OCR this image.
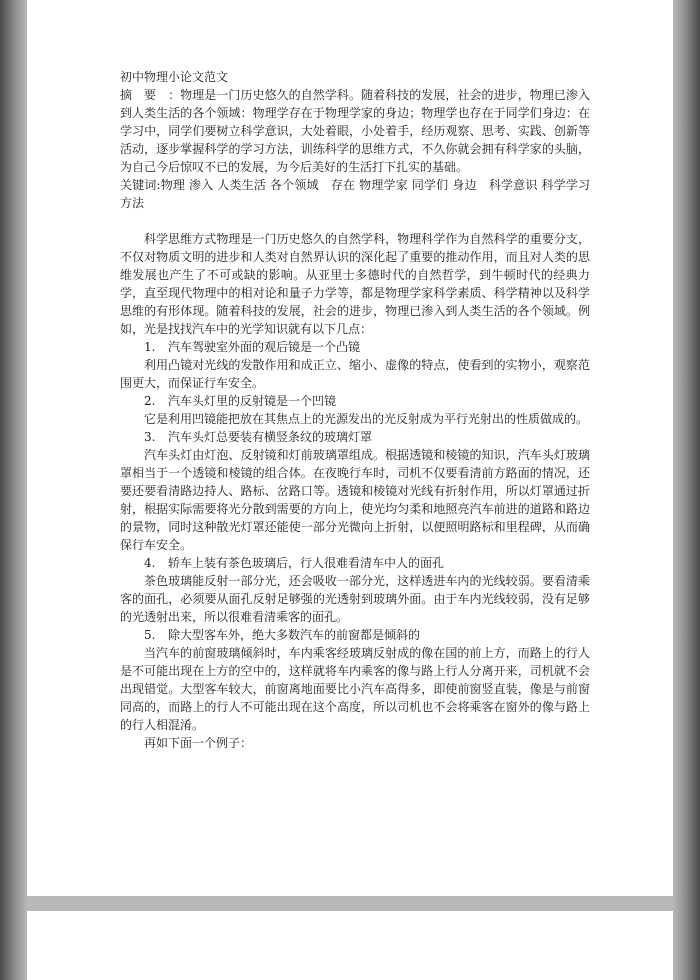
初中物理小论文范文

摘要：物理是一门历史悠久的自然学科。随着科技的发展，社会的进步，物理已渗入到人类生活的各个领域：物理学存在于物理学家的身边；物理学也存在于同学们身边：在学习中，同学们要树立科学意识，大处着眼，小处着手，经历观察、思考、实践、创新等活动，逐步掌握科学的学习方法，训练科学的思维方式，不久你就会拥有科学家的头脑，为自己今后惊叹不已的发展，为今后美好的生活打下扎实的基础。

关键词:物理 渗入 人类生活 各个领域　存在 物理学家 同学们 身边　科学意识 科学学习方法

科学思维方式物理是一门历史悠久的自然学科，物理科学作为自然科学的重要分支，不仅对物质文明的进步和人类对自然界认识的深化起了重要的推动作用，而且对人类的思维发展也产生了不可或缺的影响。从亚里士多德时代的自然哲学，到牛顿时代的经典力学，直至现代物理中的相对论和量子力学等，都是物理学家科学素质、科学精神以及科学思维的有形体现。随着科技的发展，社会的进步，物理已渗入到人类生活的各个领域。例如，光是找找汽车中的光学知识就有以下几点：

1. 汽车驾驶室外面的观后镜是一个凸镜

利用凸镜对光线的发散作用和成正立、缩小、虚像的特点，使看到的实物小，观察范围更大，而保证行车安全。

2. 汽车头灯里的反射镜是一个凹镜

它是利用凹镜能把放在其焦点上的光源发出的光反射成为平行光射出的性质做成的。

3. 汽车头灯总要装有横竖条纹的玻璃灯罩

汽车头灯由灯泡、反射镜和灯前玻璃罩组成。根据透镜和棱镜的知识，汽车头灯玻璃罩相当于一个透镜和棱镜的组合体。在夜晚行车时，司机不仅要看清前方路面的情况，还要还要看清路边持人、路标、岔路口等。透镜和棱镜对光线有折射作用，所以灯罩通过折射，根据实际需要将光分散到需要的方向上，使光均匀柔和地照亮汽车前进的道路和路边的景物，同时这种散光灯罩还能使一部分光微向上折射，以便照明路标和里程碑，从而确保行车安全。

4. 轿车上装有茶色玻璃后，行人很难看清车中人的面孔

茶色玻璃能反射一部分光，还会吸收一部分光，这样透进车内的光线较弱。要看清乘客的面孔，必须要从面孔反射足够强的光透射到玻璃外面。由于车内光线较弱，没有足够的光透射出来，所以很难看清乘客的面孔。

5. 除大型客车外，绝大多数汽车的前窗都是倾斜的

当汽车的前窗玻璃倾斜时，车内乘客经玻璃反射成的像在国的前上方，而路上的行人是不可能出现在上方的空中的，这样就将车内乘客的像与路上行人分离开来，司机就不会出现错觉。大型客车较大，前窗离地面要比小汽车高得多，即使前窗竖直装，像是与前窗同高的，而路上的行人不可能出现在这个高度，所以司机也不会将乘客在窗外的像与路上的行人相混淆。

再如下面一个例子：
